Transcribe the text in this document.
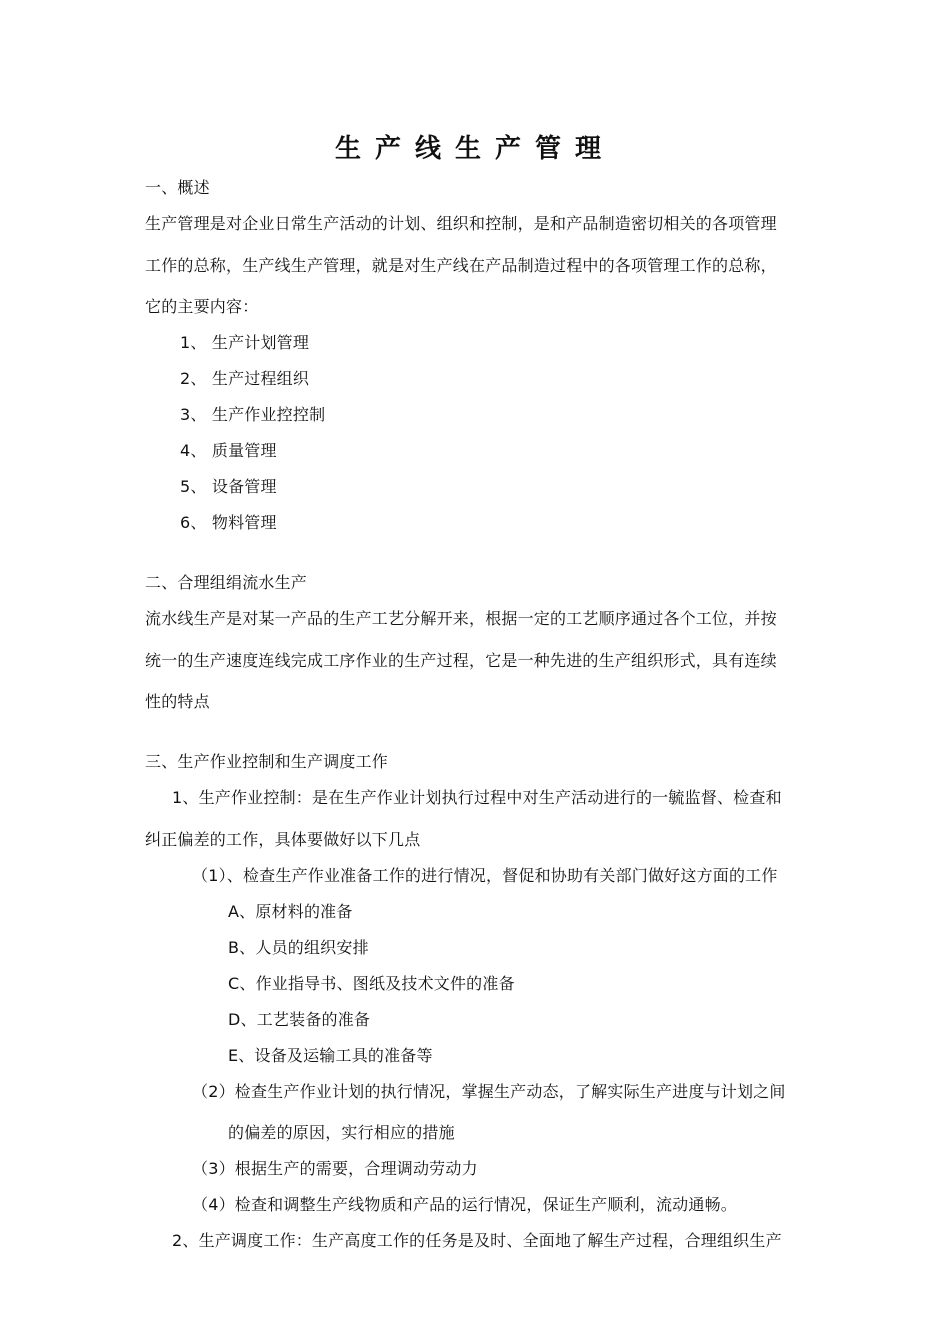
生产线生产管理
一、概述
生产管理是对企业日常生产活动的计划、组织和控制，是和产品制造密切相关的各项管理
工作的总称，生产线生产管理，就是对生产线在产品制造过程中的各项管理工作的总称，
它的主要内容：
1、 生产计划管理
2、 生产过程组织
3、 生产作业控控制
4、 质量管理
5、 设备管理
6、 物料管理
二、合理组绢流水生产
流水线生产是对某一产品的生产工艺分解开来，根据一定的工艺顺序通过各个工位，并按
统一的生产速度连线完成工序作业的生产过程，它是一种先进的生产组织形式，具有连续
性的特点
三、生产作业控制和生产调度工作
1、生产作业控制：是在生产作业计划执行过程中对生产活动进行的一毓监督、检查和
纠正偏差的工作，具体要做好以下几点
（1）、检查生产作业准备工作的进行情况，督促和协助有关部门做好这方面的工作
A、原材料的准备
B、人员的组织安排
C、作业指导书、图纸及技术文件的准备
D、工艺装备的准备
E、设备及运输工具的准备等
（2）检查生产作业计划的执行情况，掌握生产动态，了解实际生产进度与计划之间
的偏差的原因，实行相应的措施
（3）根据生产的需要，合理调动劳动力
（4）检查和调整生产线物质和产品的运行情况，保证生产顺利，流动通畅。
2、生产调度工作：生产高度工作的任务是及时、全面地了解生产过程，合理组织生产
